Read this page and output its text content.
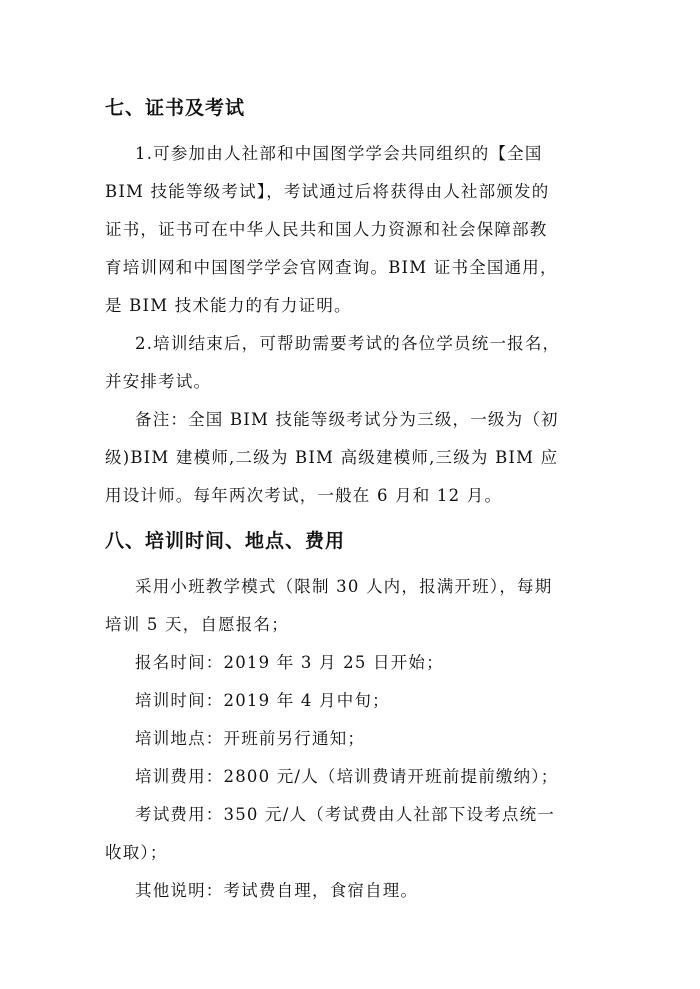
七、证书及考试
1.可参加由人社部和中国图学学会共同组织的【全国
BIM 技能等级考试】，考试通过后将获得由人社部颁发的
证书，证书可在中华人民共和国人力资源和社会保障部教
育培训网和中国图学学会官网查询。BIM 证书全国通用，
是 BIM 技术能力的有力证明。
2.培训结束后，可帮助需要考试的各位学员统一报名，
并安排考试。
备注：全国 BIM 技能等级考试分为三级，一级为（初
级)BIM 建模师,二级为 BIM 高级建模师,三级为 BIM 应
用设计师。每年两次考试，一般在 6 月和 12 月。
八、培训时间、地点、费用
采用小班教学模式（限制 30 人内，报满开班），每期
培训 5 天，自愿报名；
报名时间：2019 年 3 月 25 日开始；
培训时间：2019 年 4 月中旬；
培训地点：开班前另行通知；
培训费用：2800 元/人（培训费请开班前提前缴纳）；
考试费用：350 元/人（考试费由人社部下设考点统一
收取）；
其他说明：考试费自理，食宿自理。
